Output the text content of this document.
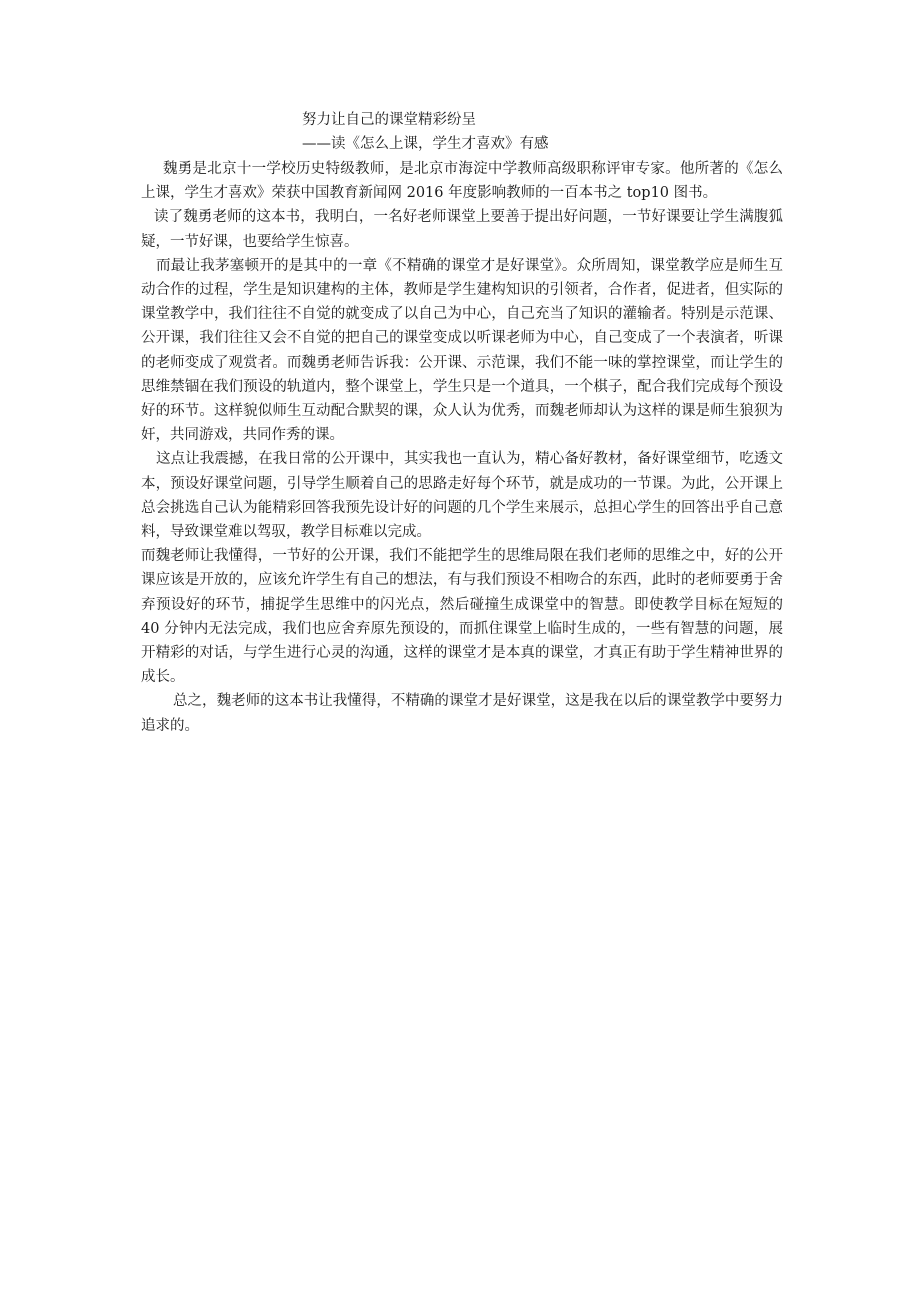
努力让自己的课堂精彩纷呈
——读《怎么上课，学生才喜欢》有感

魏勇是北京十一学校历史特级教师，是北京市海淀中学教师高级职称评审专家。他所著的《怎么上课，学生才喜欢》荣获中国教育新闻网 2016 年度影响教师的一百本书之 top10 图书。

读了魏勇老师的这本书，我明白，一名好老师课堂上要善于提出好问题，一节好课要让学生满腹狐疑，一节好课，也要给学生惊喜。

而最让我茅塞顿开的是其中的一章《不精确的课堂才是好课堂》。众所周知，课堂教学应是师生互动合作的过程，学生是知识建构的主体，教师是学生建构知识的引领者，合作者，促进者，但实际的课堂教学中，我们往往不自觉的就变成了以自己为中心，自己充当了知识的灌输者。特别是示范课、公开课，我们往往又会不自觉的把自己的课堂变成以听课老师为中心，自己变成了一个表演者，听课的老师变成了观赏者。而魏勇老师告诉我：公开课、示范课，我们不能一味的掌控课堂，而让学生的思维禁锢在我们预设的轨道内，整个课堂上，学生只是一个道具，一个棋子，配合我们完成每个预设好的环节。这样貌似师生互动配合默契的课，众人认为优秀，而魏老师却认为这样的课是师生狼狈为奸，共同游戏，共同作秀的课。

这点让我震撼，在我日常的公开课中，其实我也一直认为，精心备好教材，备好课堂细节，吃透文本，预设好课堂问题，引导学生顺着自己的思路走好每个环节，就是成功的一节课。为此，公开课上总会挑选自己认为能精彩回答我预先设计好的问题的几个学生来展示，总担心学生的回答出乎自己意料，导致课堂难以驾驭，教学目标难以完成。

而魏老师让我懂得，一节好的公开课，我们不能把学生的思维局限在我们老师的思维之中，好的公开课应该是开放的，应该允许学生有自己的想法，有与我们预设不相吻合的东西，此时的老师要勇于舍弃预设好的环节，捕捉学生思维中的闪光点，然后碰撞生成课堂中的智慧。即使教学目标在短短的 40 分钟内无法完成，我们也应舍弃原先预设的，而抓住课堂上临时生成的，一些有智慧的问题，展开精彩的对话，与学生进行心灵的沟通，这样的课堂才是本真的课堂，才真正有助于学生精神世界的成长。

总之，魏老师的这本书让我懂得，不精确的课堂才是好课堂，这是我在以后的课堂教学中要努力追求的。
